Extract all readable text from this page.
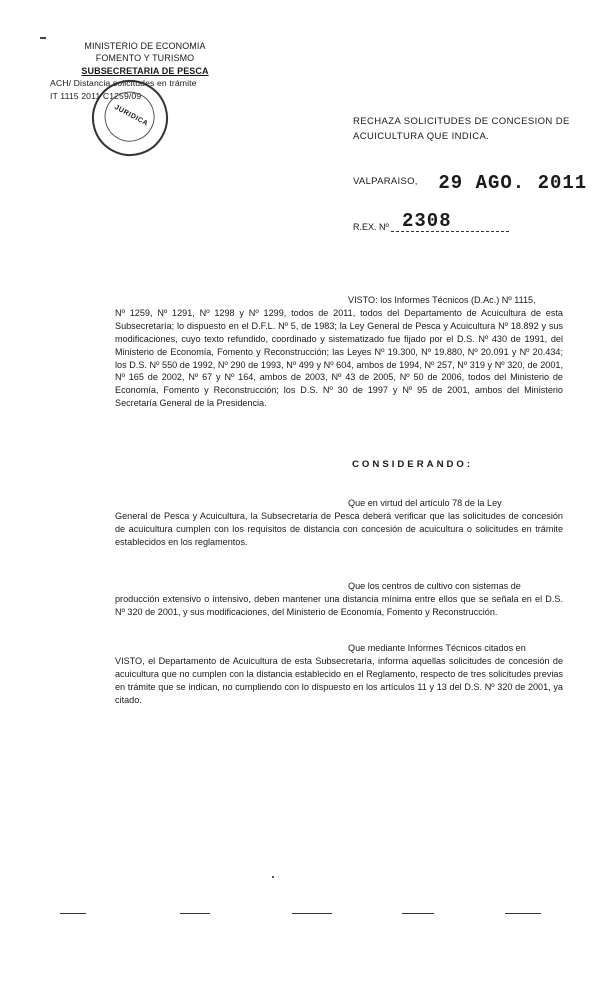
MINISTERIO DE ECONOMIA
FOMENTO Y TURISMO
SUBSECRETARIA DE PESCA
ACH/ Distancia solicitudes en trámite
IT 1115 2011 C1259/09
JURIDICA	RECHAZA SOLICITUDES DE CONCESION DE ACUICULTURA QUE INDICA.
VALPARAISO, 29 AGO. 2011
R.EX. Nº 2308
VISTO: los Informes Técnicos (D.Ac.) Nº 1115,
Nº 1259, Nº 1291, Nº 1298 y Nº 1299, todos de 2011, todos del Departamento de Acuicultura de esta Subsecretaría; lo dispuesto en el D.F.L. Nº 5, de 1983; la Ley General de Pesca y Acuicultura Nº 18.892 y sus modificaciones, cuyo texto refundido, coordinado y sistematizado fue fijado por el D.S. Nº 430 de 1991, del Ministerio de Economía, Fomento y Reconstrucción; las Leyes Nº 19.300, Nº 19.880, Nº 20.091 y Nº 20.434; los D.S. Nº 550 de 1992, Nº 290 de 1993, Nº 499 y Nº 604, ambos de 1994, Nº 257, Nº 319 y Nº 320, de 2001, Nº 165 de 2002, Nº 67 y Nº 164, ambos de 2003, Nº 43 de 2005, Nº 50 de 2006, todos del Ministerio de Economía, Fomento y Reconstrucción; los D.S. Nº 30 de 1997 y Nº 95 de 2001, ambos del Ministerio Secretaría General de la Presidencia.
CONSIDERANDO:
Que en virtud del artículo 78 de la Ley
General de Pesca y Acuicultura, la Subsecretaría de Pesca deberá verificar que las solicitudes de concesión de acuicultura cumplen con los requisitos de distancia con concesión de acuicultura o solicitudes en trámite establecidos en los reglamentos.
Que los centros de cultivo con sistemas de
producción extensivo o intensivo, deben mantener una distancia mínima entre ellos que se señala en el D.S. Nº 320 de 2001, y sus modificaciones, del Ministerio de Economía, Fomento y Reconstrucción.
Que mediante Informes Técnicos citados en
VISTO, el Departamento de Acuicultura de esta Subsecretaría, informa aquellas solicitudes de concesión de acuicultura que no cumplen con la distancia establecido en el Reglamento, respecto de tres solicitudes previas en trámite que se indican, no cumpliendo con lo dispuesto en los artículos 11 y 13 del D.S. Nº 320 de 2001, ya citado.
